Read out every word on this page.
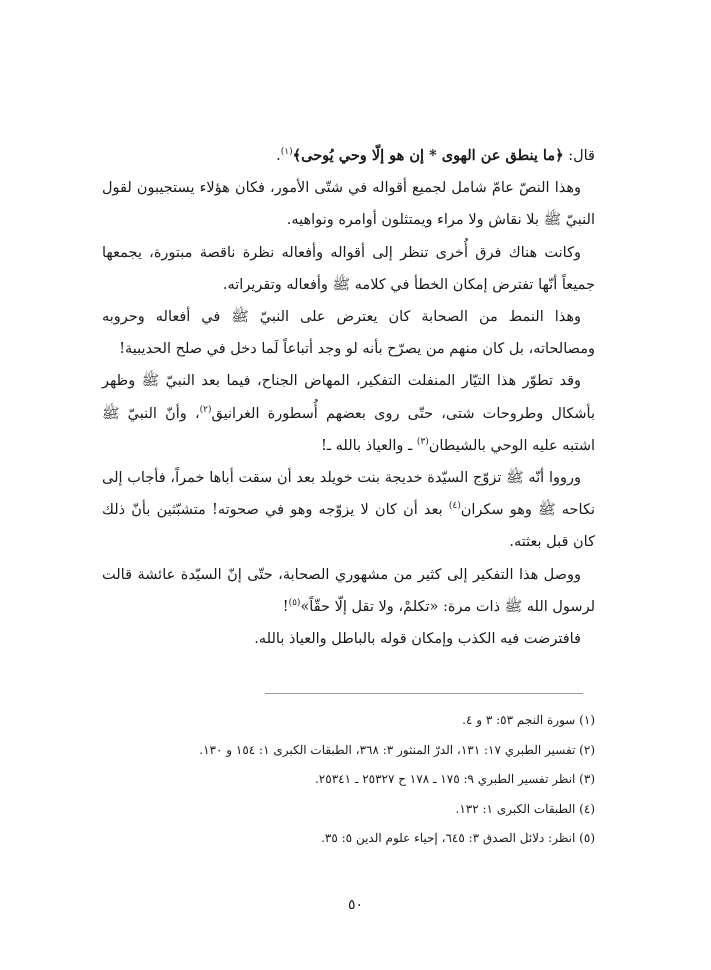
قال: ﴿ما ينطق عن الهوى * إن هو إلّا وحي يُوحى﴾$^{(١)}$.

وهذا النصّ عامّ شامل لجميع أقواله في شتّى الأمور، فكان هؤلاء يستجيبون لقول النبيّ ﷺ بلا نقاش ولا مراء ويمتثلون أوامره ونواهيه.

وكانت هناك فرق أُخرى تنظر إلى أقواله وأفعاله نظرة ناقصة مبتورة، يجمعها جميعاً أنّها تفترض إمكان الخطأ في كلامه ﷺ وأفعاله وتقريراته.

وهذا النمط من الصحابة كان يعترض على النبيّ ﷺ في أفعاله وحروبه ومصالحاته، بل كان منهم من يصرّح بأنه لو وجد أتباعاً لَما دخل في صلح الحديبية!

وقد تطوّر هذا التيّار المنفلت التفكير، المهاض الجناح، فيما بعد النبيّ ﷺ وظهر بأشكال وطروحات شتى، حتّى روى بعضهم أُسطورة الغرانيق$^{(٢)}$، وأنّ النبيّ ﷺ اشتبه عليه الوحي بالشيطان$^{(٣)}$ ـ والعياذ بالله ـ!

ورووا أنّه ﷺ تزوّج السيّدة خديجة بنت خويلد بعد أن سقت أباها خمراً، فأجاب إلى نكاحه ﷺ وهو سكران$^{(٤)}$ بعد أن كان لا يزوّجه وهو في صحوته! متشبّثين بأنّ ذلك كان قبل بعثته.

ووصل هذا التفكير إلى كثير من مشهوري الصحابة، حتّى إنّ السيّدة عائشة قالت لرسول الله ﷺ ذات مرة: «تكلمْ، ولا تقل إلّا حقّاً»$^{(٥)}$!

فافترضت فيه الكذب وإمكان قوله بالباطل والعياذ بالله.

(١) سورة النجم ٥٣: ٣ و ٤.
(٢) تفسير الطبري ١٧: ١٣١، الدرّ المنثور ٣: ٣٦٨، الطبقات الكبرى ١: ١٥٤ و ١٣٠.
(٣) انظر تفسير الطبري ٩: ١٧٥ ـ ١٧٨ ح ٢٥٣٢٧ ـ ٢٥٣٤١.
(٤) الطبقات الكبرى ١: ١٣٢.
(٥) انظر: دلائل الصدق ٣: ٦٤٥، إحياء علوم الدين ٥: ٣٥.
٥٠
